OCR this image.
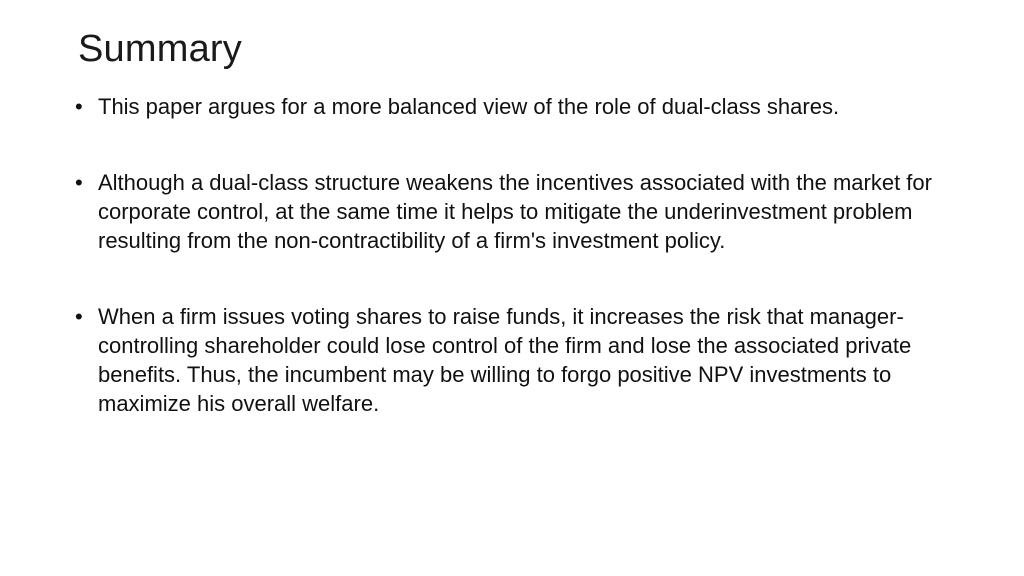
Summary
• This paper argues for a more balanced view of the role of dual-class shares.
• Although a dual-class structure weakens the incentives associated with the market for corporate control, at the same time it helps to mitigate the underinvestment problem resulting from the non-contractibility of a firm's investment policy.
• When a firm issues voting shares to raise funds, it increases the risk that manager-controlling shareholder could lose control of the firm and lose the associated private benefits. Thus, the incumbent may be willing to forgo positive NPV investments to maximize his overall welfare.
